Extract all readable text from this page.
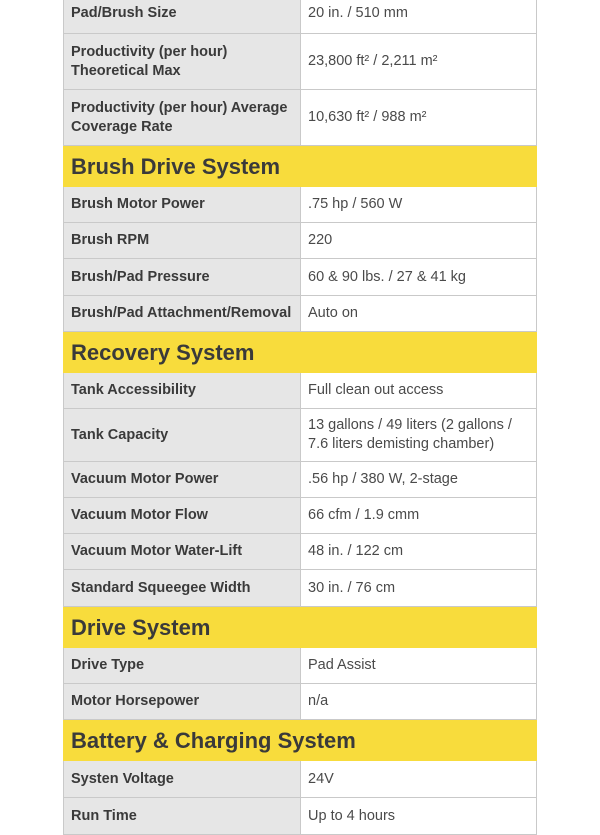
Pad/Brush Size	20 in. / 510 mm
Productivity (per hour) Theoretical Max	23,800 ft² / 2,211 m²
Productivity (per hour) Average Coverage Rate	10,630 ft² / 988 m²
Brush Drive System	
Brush Motor Power	.75 hp / 560 W
Brush RPM	220
Brush/Pad Pressure	60 & 90 lbs. / 27 & 41 kg
Brush/Pad Attachment/Removal	Auto on
Recovery System	
Tank Accessibility	Full clean out access
Tank Capacity	13 gallons / 49 liters (2 gallons / 7.6 liters demisting chamber)
Vacuum Motor Power	.56 hp / 380 W, 2-stage
Vacuum Motor Flow	66 cfm / 1.9 cmm
Vacuum Motor Water-Lift	48 in. / 122 cm
Standard Squeegee Width	30 in. / 76 cm
Drive System	
Drive Type	Pad Assist
Motor Horsepower	n/a
Battery & Charging System	
Systen Voltage	24V
Run Time	Up to 4 hours
